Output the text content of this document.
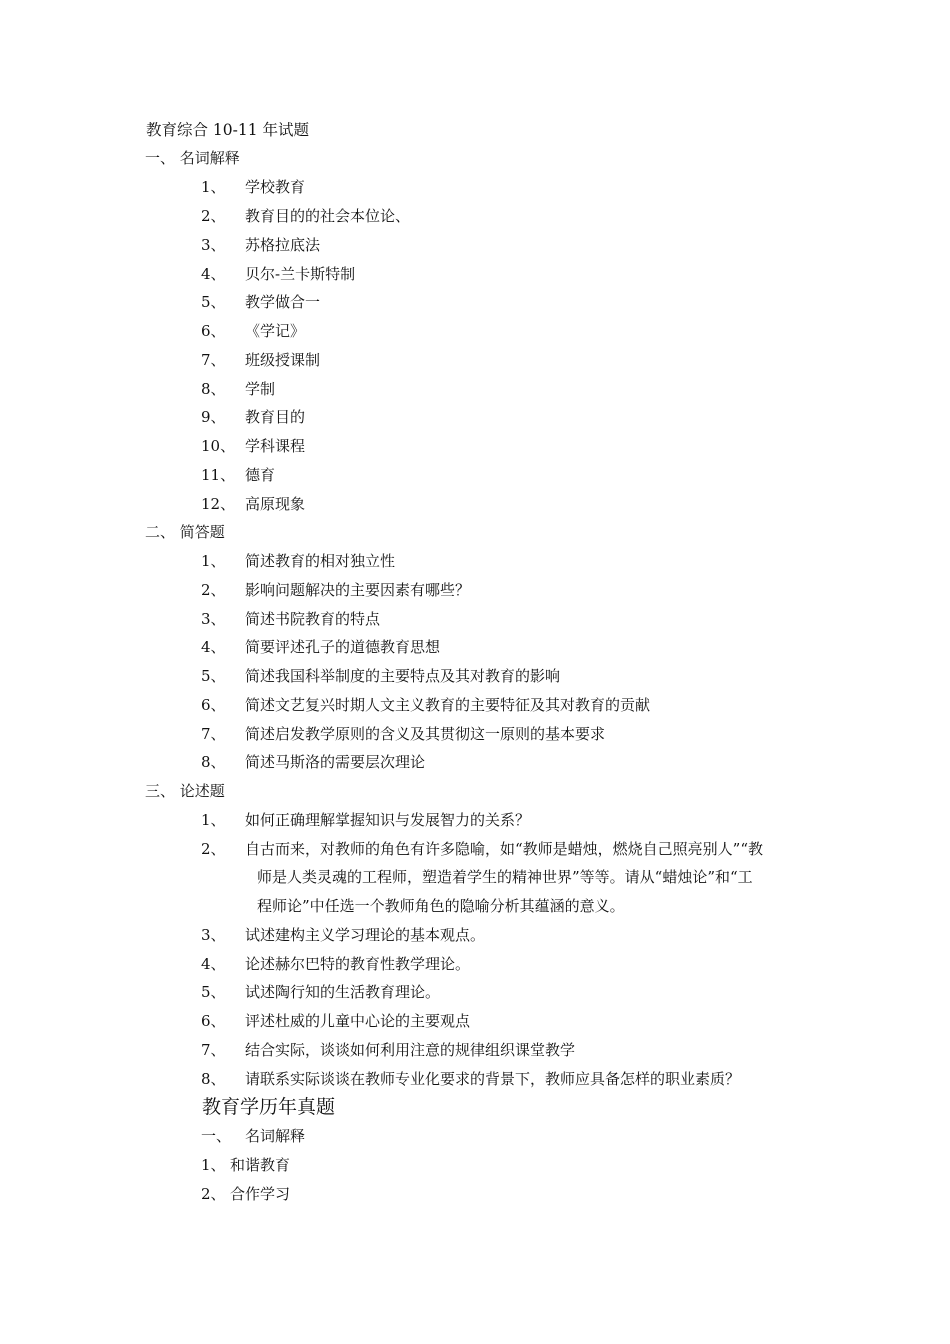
教育综合 10-11 年试题
一、 名词解释
1、 学校教育
2、 教育目的的社会本位论、
3、 苏格拉底法
4、 贝尔-兰卡斯特制
5、 教学做合一
6、 《学记》
7、 班级授课制
8、 学制
9、 教育目的
10、 学科课程
11、 德育
12、 高原现象
二、 简答题
1、 简述教育的相对独立性
2、 影响问题解决的主要因素有哪些？
3、 简述书院教育的特点
4、 简要评述孔子的道德教育思想
5、 简述我国科举制度的主要特点及其对教育的影响
6、 简述文艺复兴时期人文主义教育的主要特征及其对教育的贡献
7、 简述启发教学原则的含义及其贯彻这一原则的基本要求
8、 简述马斯洛的需要层次理论
三、 论述题
1、 如何正确理解掌握知识与发展智力的关系？
2、 自古而来，对教师的角色有许多隐喻，如“教师是蜡烛，燃烧自己照亮别人”“教
师是人类灵魂的工程师，塑造着学生的精神世界”等等。请从“蜡烛论”和“工
程师论”中任选一个教师角色的隐喻分析其蕴涵的意义。
3、 试述建构主义学习理论的基本观点。
4、 论述赫尔巴特的教育性教学理论。
5、 试述陶行知的生活教育理论。
6、 评述杜威的儿童中心论的主要观点
7、 结合实际，谈谈如何利用注意的规律组织课堂教学
8、 请联系实际谈谈在教师专业化要求的背景下，教师应具备怎样的职业素质？
教育学历年真题
一、 名词解释
1、 和谐教育
2、 合作学习
